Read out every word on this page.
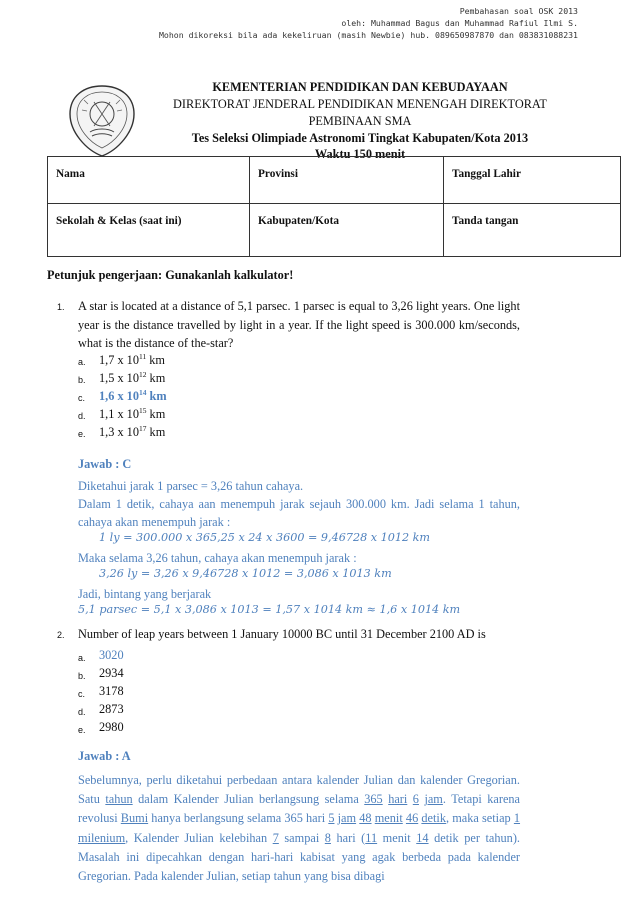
Pembahasan soal OSK 2013
oleh: Muhammad Bagus dan Muhammad Rafiul Ilmi S.
Mohon dikoreksi bila ada kekeliruan (masih Newbie) hub. 089650987870 dan 083831088231
KEMENTERIAN PENDIDIKAN DAN KEBUDAYAAN
DIREKTORAT JENDERAL PENDIDIKAN MENENGAH DIREKTORAT
PEMBINAAN SMA
Tes Seleksi Olimpiade Astronomi Tingkat Kabupaten/Kota 2013
Waktu 150 menit
Nama	Provinsi	Tanggal Lahir
Sekolah & Kelas (saat ini)	Kabupaten/Kota	Tanda tangan
Petunjuk pengerjaan: Gunakanlah kalkulator!
1. A star is located at a distance of 5,1 parsec. 1 parsec is equal to 3,26 light years. One light year is the distance travelled by light in a year. If the light speed is 300.000 km/seconds, what is the distance of the-star?
a. 1,7 x $10^{11}$ km
b. 1,5 x $10^{12}$ km
c. 1,6 x $10^{14}$ km
d. 1,1 x $10^{15}$ km
e. 1,3 x $10^{17}$ km
Jawab : C
Diketahui jarak 1 parsec = 3,26 tahun cahaya.
Dalam 1 detik, cahaya aan menempuh jarak sejauh 300.000 km. Jadi selama 1 tahun, cahaya akan menempuh jarak :
1 ly = 300.000 x 365,25 x 24 x 3600 = 9,46728 x 1012 km
Maka selama 3,26 tahun, cahaya akan menempuh jarak :
3,26 ly = 3,26 x 9,46728 x 1012 = 3,086 x 1013 km
Jadi, bintang yang berjarak
5,1 parsec = 5,1 x 3,086 x 1013 = 1,57 x 1014 km ≈ 1,6 x 1014 km
2. Number of leap years between 1 January 10000 BC until 31 December 2100 AD is
a. 3020
b. 2934
c. 3178
d. 2873
e. 2980
Jawab : A
Sebelumnya, perlu diketahui perbedaan antara kalender Julian dan kalender Gregorian. Satu tahun dalam Kalender Julian berlangsung selama 365 hari 6 jam. Tetapi karena revolusi Bumi hanya berlangsung selama 365 hari 5 jam 48 menit 46 detik, maka setiap 1 milenium, Kalender Julian kelebihan 7 sampai 8 hari (11 menit 14 detik per tahun). Masalah ini dipecahkan dengan hari-hari kabisat yang agak berbeda pada kalender Gregorian. Pada kalender Julian, setiap tahun yang bisa dibagi
